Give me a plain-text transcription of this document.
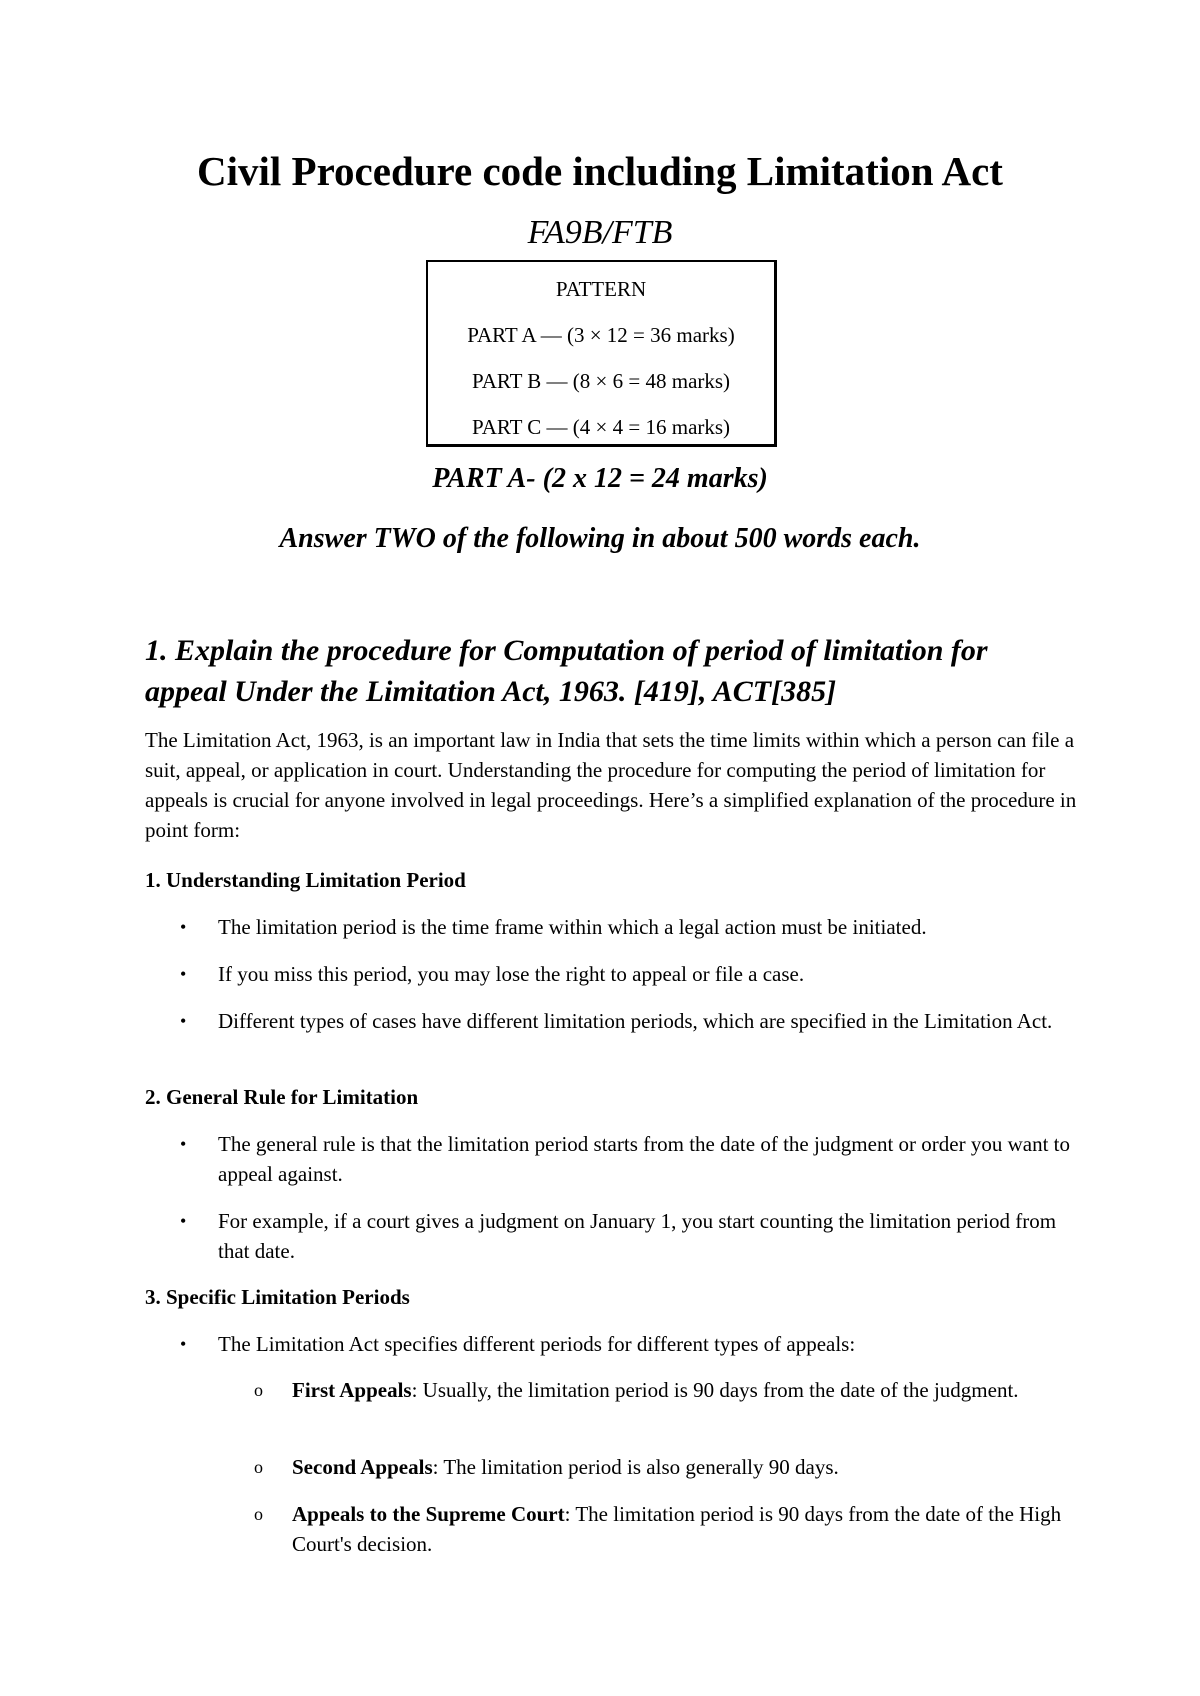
Civil Procedure code including Limitation Act
FA9B/FTB
PATTERN
PART A — (3 × 12 = 36 marks)
PART B — (8 × 6 = 48 marks)
PART C — (4 × 4 = 16 marks)
PART A- (2 x 12 = 24 marks)
Answer TWO of the following in about 500 words each.
1. Explain the procedure for Computation of period of limitation for appeal Under the Limitation Act, 1963. [419], ACT[385]

The Limitation Act, 1963, is an important law in India that sets the time limits within which a person can file a suit, appeal, or application in court. Understanding the procedure for computing the period of limitation for appeals is crucial for anyone involved in legal proceedings. Here’s a simplified explanation of the procedure in point form:

1. Understanding Limitation Period
•	The limitation period is the time frame within which a legal action must be initiated.
•	If you miss this period, you may lose the right to appeal or file a case.
•	Different types of cases have different limitation periods, which are specified in the Limitation Act.
2. General Rule for Limitation
•	The general rule is that the limitation period starts from the date of the judgment or order you want to appeal against.
•	For example, if a court gives a judgment on January 1, you start counting the limitation period from that date.
3. Specific Limitation Periods
•	The Limitation Act specifies different periods for different types of appeals:
o	First Appeals: Usually, the limitation period is 90 days from the date of the judgment.
o	Second Appeals: The limitation period is also generally 90 days.
o	Appeals to the Supreme Court: The limitation period is 90 days from the date of the High Court's decision.
